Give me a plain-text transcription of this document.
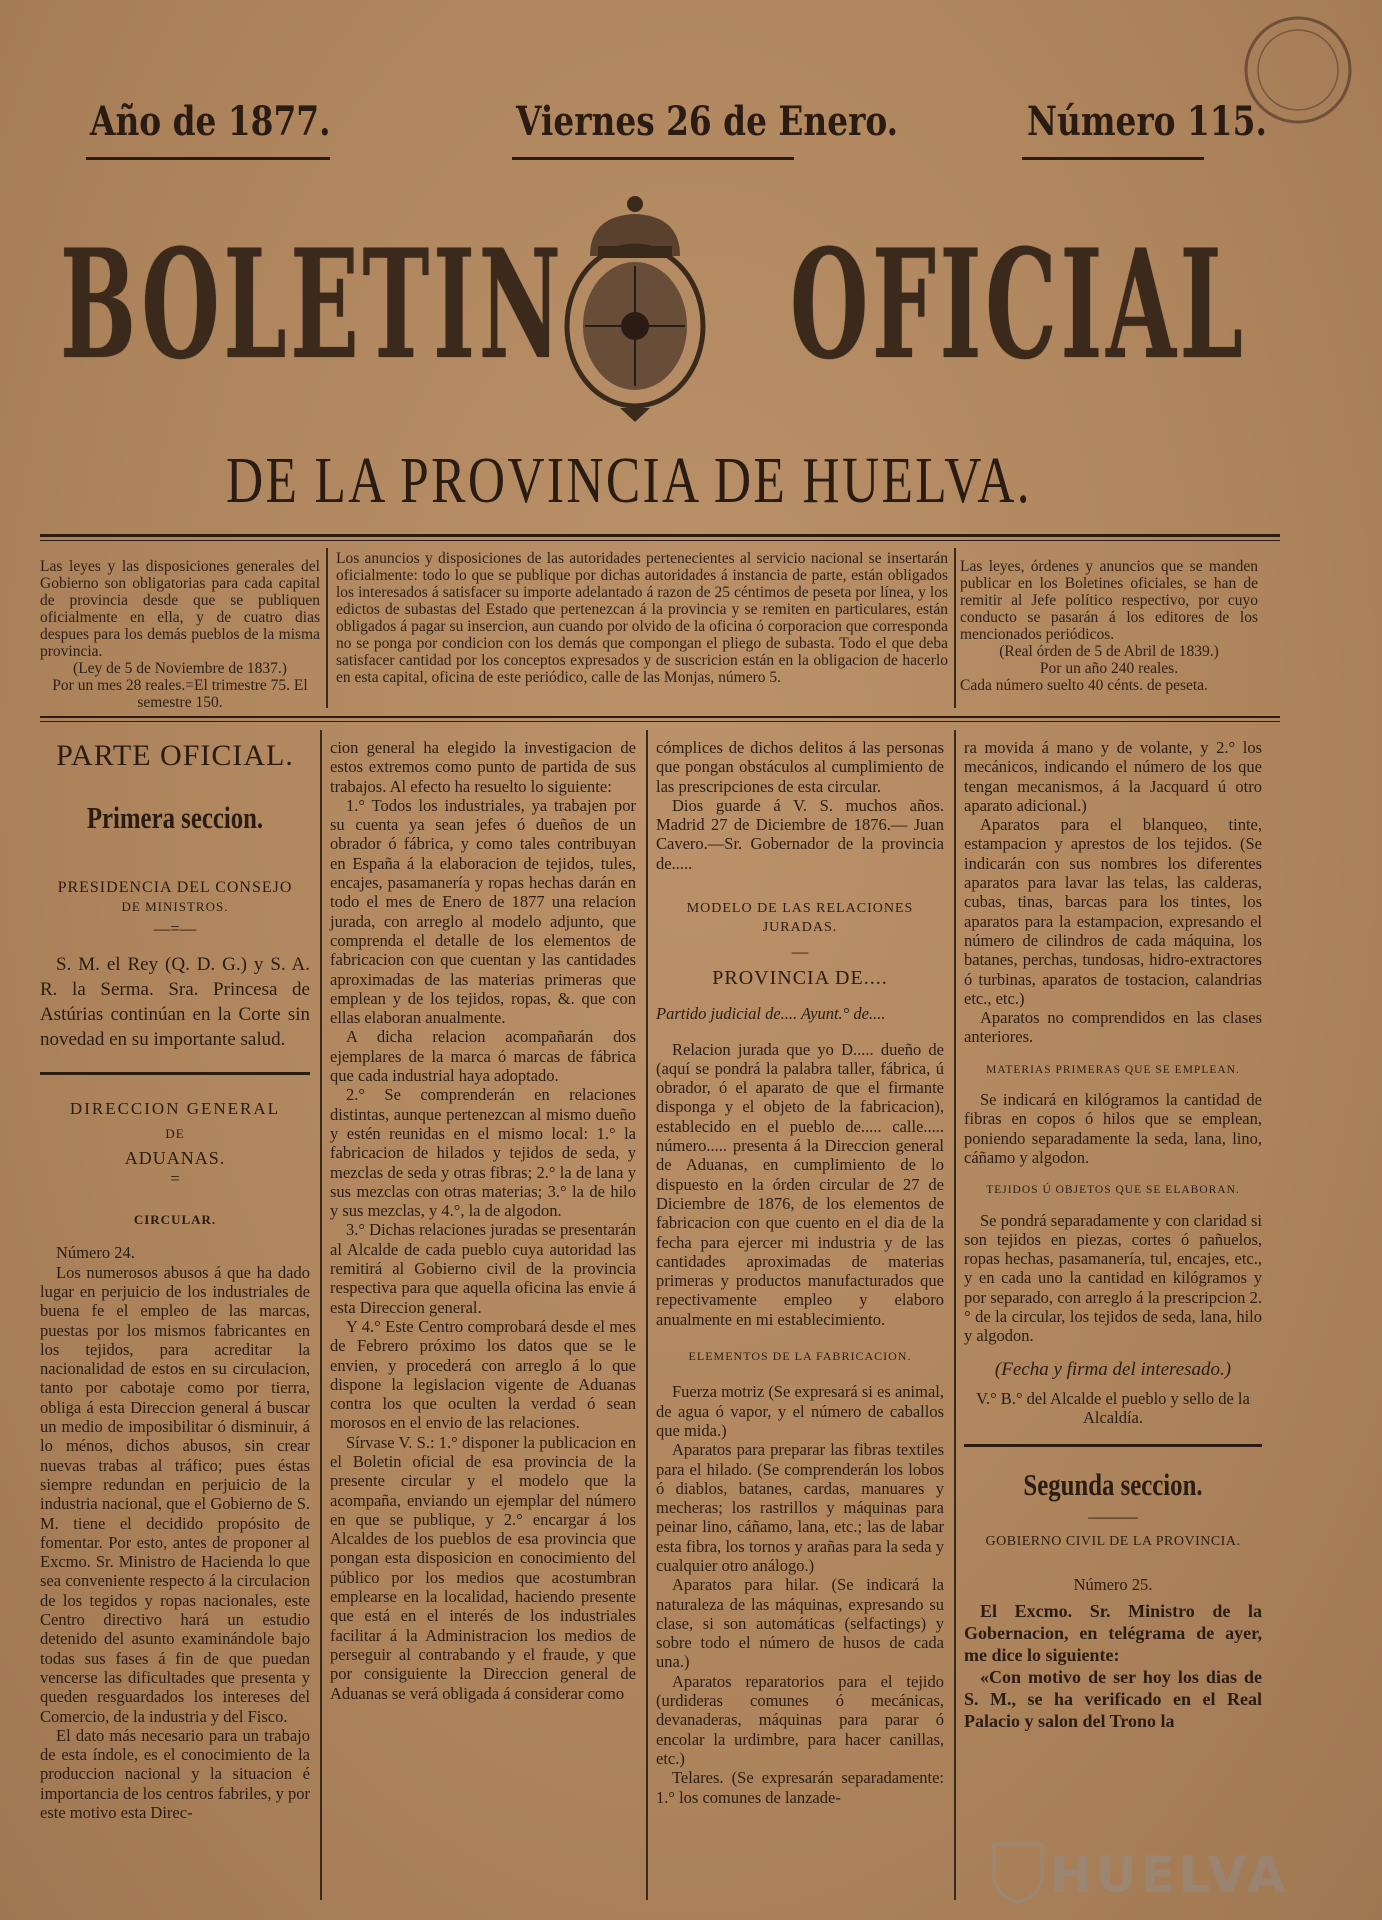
Año de 1877.	Viernes 26 de Enero.	Número 115.
BOLETIN OFICIAL
DE LA PROVINCIA DE HUELVA.
Las leyes y las disposiciones generales del Gobierno son obligatorias para cada capital de provincia desde que se publiquen oficialmente en ella, y de cuatro dias despues para los demás pueblos de la misma provincia.
(Ley de 5 de Noviembre de 1837.)
Por un mes 28 reales.=El trimestre 75. El semestre 150.
Los anuncios y disposiciones de las autoridades pertenecientes al servicio nacional se insertarán oficialmente: todo lo que se publique por dichas autoridades á instancia de parte, están obligados los interesados á satisfacer su importe adelantado á razon de 25 céntimos de peseta por línea, y los edictos de subastas del Estado que pertenezcan á la provincia y se remiten en particulares, están obligados á pagar su insercion, aun cuando por olvido de la oficina ó corporacion que corresponda no se ponga por condicion con los demás que compongan el pliego de subasta. Todo el que deba satisfacer cantidad por los conceptos expresados y de suscricion están en la obligacion de hacerlo en esta capital, oficina de este periódico, calle de las Monjas, número 5.
Las leyes, órdenes y anuncios que se manden publicar en los Boletines oficiales, se han de remitir al Jefe político respectivo, por cuyo conducto se pasarán á los editores de los mencionados periódicos.
(Real órden de 5 de Abril de 1839.)
Por un año 240 reales.
Cada número suelto 40 cénts. de peseta.

PARTE OFICIAL.

Primera seccion.

PRESIDENCIA DEL CONSEJO

DE MINISTROS.

—=—

S. M. el Rey (Q. D. G.) y S. A. R. la Serma. Sra. Princesa de Astúrias continúan en la Corte sin novedad en su importante salud.

DIRECCION GENERAL

DE

ADUANAS.

=

CIRCULAR.

Número 24.

Los numerosos abusos á que ha dado lugar en perjuicio de los industriales de buena fe el empleo de las marcas, puestas por los mismos fabricantes en los tejidos, para acreditar la nacionalidad de estos en su circulacion, tanto por cabotaje como por tierra, obliga á esta Direccion general á buscar un medio de imposibilitar ó disminuir, á lo ménos, dichos abusos, sin crear nuevas trabas al tráfico; pues éstas siempre redundan en perjuicio de la industria nacional, que el Gobierno de S. M. tiene el decidido propósito de fomentar. Por esto, antes de proponer al Excmo. Sr. Ministro de Hacienda lo que sea conveniente respecto á la circulacion de los tegidos y ropas nacionales, este Centro directivo hará un estudio detenido del asunto examinándole bajo todas sus fases á fin de que puedan vencerse las dificultades que presenta y queden resguardados los intereses del Comercio, de la industria y del Fisco.

El dato más necesario para un trabajo de esta índole, es el conocimiento de la produccion nacional y la situacion é importancia de los centros fabriles, y por este motivo esta Direc-

cion general ha elegido la investigacion de estos extremos como punto de partida de sus trabajos. Al efecto ha resuelto lo siguiente:

1.° Todos los industriales, ya trabajen por su cuenta ya sean jefes ó dueños de un obrador ó fábrica, y como tales contribuyan en España á la elaboracion de tejidos, tules, encajes, pasamanería y ropas hechas darán en todo el mes de Enero de 1877 una relacion jurada, con arreglo al modelo adjunto, que comprenda el detalle de los elementos de fabricacion con que cuentan y las cantidades aproximadas de las materias primeras que emplean y de los tejidos, ropas, &. que con ellas elaboran anualmente.

A dicha relacion acompañarán dos ejemplares de la marca ó marcas de fábrica que cada industrial haya adoptado.

2.° Se comprenderán en relaciones distintas, aunque pertenezcan al mismo dueño y estén reunidas en el mismo local: 1.° la fabricacion de hilados y tejidos de seda, y mezclas de seda y otras fibras; 2.° la de lana y sus mezclas con otras materias; 3.° la de hilo y sus mezclas, y 4.°, la de algodon.

3.° Dichas relaciones juradas se presentarán al Alcalde de cada pueblo cuya autoridad las remitirá al Gobierno civil de la provincia respectiva para que aquella oficina las envie á esta Direccion general.

Y 4.° Este Centro comprobará desde el mes de Febrero próximo los datos que se le envien, y procederá con arreglo á lo que dispone la legislacion vigente de Aduanas contra los que oculten la verdad ó sean morosos en el envio de las relaciones.

Sírvase V. S.: 1.° disponer la publicacion en el Boletin oficial de esa provincia de la presente circular y el modelo que la acompaña, enviando un ejemplar del número en que se publique, y 2.° encargar á los Alcaldes de los pueblos de esa provincia que pongan esta disposicion en conocimiento del público por los medios que acostumbran emplearse en la localidad, haciendo presente que está en el interés de los industriales facilitar á la Administracion los medios de perseguir al contrabando y el fraude, y que por consiguiente la Direccion general de Aduanas se verá obligada á considerar como

cómplices de dichos delitos á las personas que pongan obstáculos al cumplimiento de las prescripciones de esta circular.

Dios guarde á V. S. muchos años. Madrid 27 de Diciembre de 1876.— Juan Cavero.—Sr. Gobernador de la provincia de.....

MODELO DE LAS RELACIONES

JURADAS.

—

PROVINCIA DE....

Partido judicial de.... Ayunt.° de....

Relacion jurada que yo D..... dueño de (aquí se pondrá la palabra taller, fábrica, ú obrador, ó el aparato de que el firmante disponga y el objeto de la fabricacion), establecido en el pueblo de..... calle..... número..... presenta á la Direccion general de Aduanas, en cumplimiento de lo dispuesto en la órden circular de 27 de Diciembre de 1876, de los elementos de fabricacion con que cuento en el dia de la fecha para ejercer mi industria y de las cantidades aproximadas de materias primeras y productos manufacturados que repectivamente empleo y elaboro anualmente en mi establecimiento.

ELEMENTOS DE LA FABRICACION.

Fuerza motriz (Se expresará si es animal, de agua ó vapor, y el número de caballos que mida.)

Aparatos para preparar las fibras textiles para el hilado. (Se comprenderán los lobos ó diablos, batanes, cardas, manuares y mecheras; los rastrillos y máquinas para peinar lino, cáñamo, lana, etc.; las de labar esta fibra, los tornos y arañas para la seda y cualquier otro análogo.)

Aparatos para hilar. (Se indicará la naturaleza de las máquinas, expresando su clase, si son automáticas (selfactings) y sobre todo el número de husos de cada una.)

Aparatos reparatorios para el tejido (urdideras comunes ó mecánicas, devanaderas, máquinas para parar ó encolar la urdimbre, para hacer canillas, etc.)

Telares. (Se expresarán separadamente: 1.° los comunes de lanzade-

ra movida á mano y de volante, y 2.° los mecánicos, indicando el número de los que tengan mecanismos, á la Jacquard ú otro aparato adicional.)

Aparatos para el blanqueo, tinte, estampacion y aprestos de los tejidos. (Se indicarán con sus nombres los diferentes aparatos para lavar las telas, las calderas, cubas, tinas, barcas para los tintes, los aparatos para la estampacion, expresando el número de cilindros de cada máquina, los batanes, perchas, tundosas, hidro-extractores ó turbinas, aparatos de tostacion, calandrias etc., etc.)

Aparatos no comprendidos en las clases anteriores.

MATERIAS PRIMERAS QUE SE EMPLEAN.

Se indicará en kilógramos la cantidad de fibras en copos ó hilos que se emplean, poniendo separadamente la seda, lana, lino, cáñamo y algodon.

TEJIDOS Ú OBJETOS QUE SE ELABORAN.

Se pondrá separadamente y con claridad si son tejidos en piezas, cortes ó pañuelos, ropas hechas, pasamanería, tul, encajes, etc., y en cada uno la cantidad en kilógramos y por separado, con arreglo á la prescripcion 2.° de la circular, los tejidos de seda, lana, hilo y algodon.

(Fecha y firma del interesado.)

V.° B.° del Alcalde el pueblo y sello de la Alcaldía.

Segunda seccion.

———

GOBIERNO CIVIL DE LA PROVINCIA.

Número 25.

El Excmo. Sr. Ministro de la Gobernacion, en telégrama de ayer, me dice lo siguiente:

«Con motivo de ser hoy los dias de S. M., se ha verificado en el Real Palacio y salon del Trono la

HUELVA
